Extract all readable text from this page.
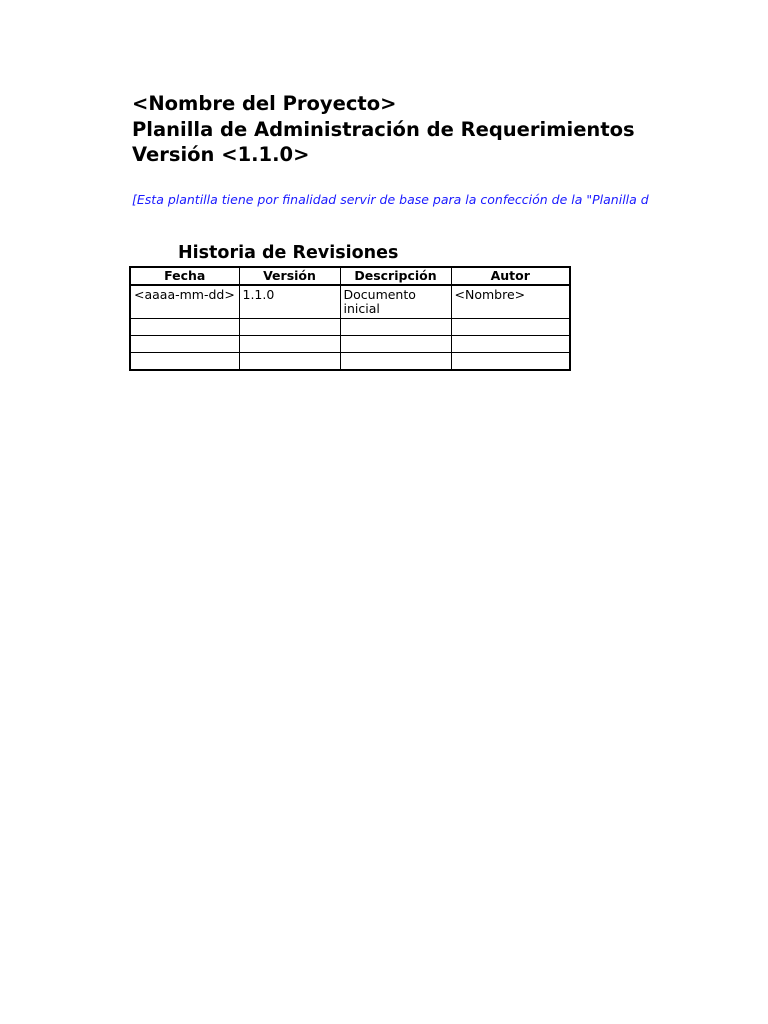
<Nombre del Proyecto>

Planilla de Administración de Requerimientos

Versión <1.1.0>

[Esta plantilla tiene por finalidad servir de base para la confección de la "Planilla d
Historia de Revisiones
Fecha	Versión	Descripción	Autor
<aaaa-mm-dd>	1.1.0	Documento inicial	<Nombre>
